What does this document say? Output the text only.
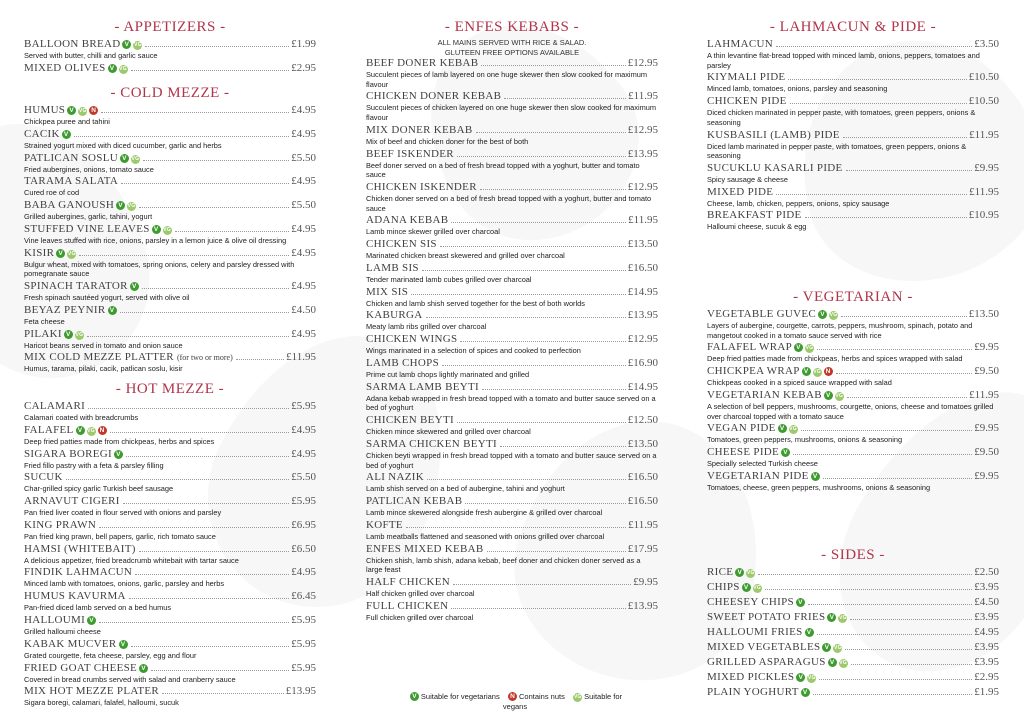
- APPETIZERS -
BALLOON BREAD V VG	£1.99
Served with butter, chilli and garlic sauce
MIXED OLIVES V VG	£2.95
- COLD MEZZE -
HUMUS V VG N	£4.95
Chickpea puree and tahini
CACIK V	£4.95
Strained yogurt mixed with diced cucumber, garlic and herbs
PATLICAN SOSLU V VG	£5.50
Fried aubergines, onions, tomato sauce
TARAMA SALATA	£4.95
Cured roe of cod
BABA GANOUSH V VG	£5.50
Grilled aubergines, garlic, tahini, yogurt
STUFFED VINE LEAVES V VG	£4.95
Vine leaves stuffed with rice, onions, parsley in a lemon juice & olive oil dressing
KISIR V VG	£4.95
Bulgur wheat, mixed with tomatoes, spring onions, celery and parsley dressed with pomegranate sauce
SPINACH TARATOR V	£4.95
Fresh spinach sautéed yogurt, served with olive oil
BEYAZ PEYNIR V	£4.50
Feta cheese
PILAKI V VG	£4.95
Haricot beans served in tomato and onion sauce
MIX COLD MEZZE PLATTER (for two or more)	£11.95
Humus, tarama, pilaki, cacik, patlican soslu, kisir
- HOT MEZZE -
CALAMARI	£5.95
Calamari coated with breadcrumbs
FALAFEL V VG N	£4.95
Deep fried patties made from chickpeas, herbs and spices
SIGARA BOREGI V	£4.95
Fried fillo pastry with a feta & parsley filling
SUCUK	£5.50
Char-grilled spicy garlic Turkish beef sausage
ARNAVUT CIGERI	£5.95
Pan fried liver coated in flour served with onions and parsley
KING PRAWN	£6.95
Pan fried king prawn, bell papers, garlic, rich tomato sauce
HAMSI (WHITEBAIT)	£6.50
A delicious appetizer, fried breadcrumb whitebait with tartar sauce
FINDIK LAHMACUN	£4.95
Minced lamb with tomatoes, onions, garlic, parsley and herbs
HUMUS KAVURMA	£6.45
Pan-fried diced lamb served on a bed humus
HALLOUMI V	£5.95
Grilled halloumi cheese
KABAK MUCVER V	£5.95
Grated courgette, feta cheese, parsley, egg and flour
FRIED GOAT CHEESE V	£5.95
Covered in bread crumbs served with salad and cranberry sauce
MIX HOT MEZZE PLATER	£13.95
Sigara boregi, calamari, falafel, halloumi, sucuk
- ENFES KEBABS -
ALL MAINS SERVED WITH RICE & SALAD.
GLUTEEN FREE OPTIONS AVAILABLE
BEEF DONER KEBAB	£12.95
Succulent pieces of lamb layered on one huge skewer then slow cooked for maximum flavour
CHICKEN DONER KEBAB	£11.95
Succulent pieces of chicken layered on one huge skewer then slow cooked for maximum flavour
MIX DONER KEBAB	£12.95
Mix of beef and chicken doner for the best of both
BEEF ISKENDER	£13.95
Beef doner served on a bed of fresh bread topped with a yoghurt, butter and tomato sauce
CHICKEN ISKENDER	£12.95
Chicken doner served on a bed of fresh bread topped with a yoghurt, butter and tomato sauce
ADANA KEBAB	£11.95
Lamb mince skewer grilled over charcoal
CHICKEN SIS	£13.50
Marinated chicken breast skewered and grilled over charcoal
LAMB SIS	£16.50
Tender marinated lamb cubes grilled over charcoal
MIX SIS	£14.95
Chicken and lamb shish served together for the best of both worlds
KABURGA	£13.95
Meaty lamb ribs grilled over charcoal
CHICKEN WINGS	£12.95
Wings marinated in a selection of spices and cooked to perfection
LAMB CHOPS	£16.90
Prime cut lamb chops lightly marinated and grilled
SARMA LAMB BEYTI	£14.95
Adana kebab wrapped in fresh bread topped with a tomato and butter sauce served on a bed of yoghurt
CHICKEN BEYTI	£12.50
Chicken mince skewered and grilled over charcoal
SARMA CHICKEN BEYTI	£13.50
Chicken beyti wrapped in fresh bread topped with a tomato and butter sauce served on a bed of yoghurt
ALI NAZIK	£16.50
Lamb shish served on a bed of aubergine, tahini and yoghurt
PATLICAN KEBAB	£16.50
Lamb mince skewered alongside fresh aubergine & grilled over charcoal
KOFTE	£11.95
Lamb meatballs flattened and seasoned with onions grilled over charcoal
ENFES MIXED KEBAB	£17.95
Chicken shish, lamb shish, adana kebab, beef doner and chicken doner served as a large feast
HALF CHICKEN	£9.95
Half chicken grilled over charcoal
FULL CHICKEN	£13.95
Full chicken grilled over charcoal
- LAHMACUN & PIDE -
LAHMACUN	£3.50
A thin levantine flat-bread topped with minced lamb, onions, peppers, tomatoes and parsley
KIYMALI PIDE	£10.50
Minced lamb, tomatoes, onions, parsley and seasoning
CHICKEN PIDE	£10.50
Diced chicken marinated in pepper paste, with tomatoes, green peppers, onions & seasoning
KUSBASILI (LAMB) PIDE	£11.95
Diced lamb marinated in pepper paste, with tomatoes, green peppers, onions & seasoning
SUCUKLU KASARLI PIDE	£9.95
Spicy sausage & cheese
MIXED PIDE	£11.95
Cheese, lamb, chicken, peppers, onions, spicy sausage
BREAKFAST PIDE	£10.95
Halloumi cheese, sucuk & egg
- VEGETARIAN -
VEGETABLE GUVEC V VG	£13.50
Layers of aubergine, courgette, carrots, peppers, mushroom, spinach, potato and mangetout cooked in a tomato sauce served with rice
FALAFEL WRAP V VG	£9.95
Deep fried patties made from chickpeas, herbs and spices wrapped with salad
CHICKPEA WRAP V VG N	£9.50
Chickpeas cooked in a spiced sauce wrapped with salad
VEGETARIAN KEBAB V VG	£11.95
A selection of bell peppers, mushrooms, courgette, onions, cheese and tomatoes grilled over charcoal topped with a tomato sauce
VEGAN PIDE V VG	£9.95
Tomatoes, green peppers, mushrooms, onions & seasoning
CHEESE PIDE V	£9.50
Specially selected Turkish cheese
VEGETARIAN PIDE V	£9.95
Tomatoes, cheese, green peppers, mushrooms, onions & seasoning
- SIDES -
RICE V VG	£2.50
CHIPS V VG	£3.95
CHEESEY CHIPS V	£4.50
SWEET POTATO FRIES V VG	£3.95
HALLOUMI FRIES V	£4.95
MIXED VEGETABLES V VG	£3.95
GRILLED ASPARAGUS V VG	£3.95
MIXED PICKLES V VG	£2.95
PLAIN YOGHURT V	£1.95
V Suitable for vegetarians N Contains nuts VG Suitable for vegans
